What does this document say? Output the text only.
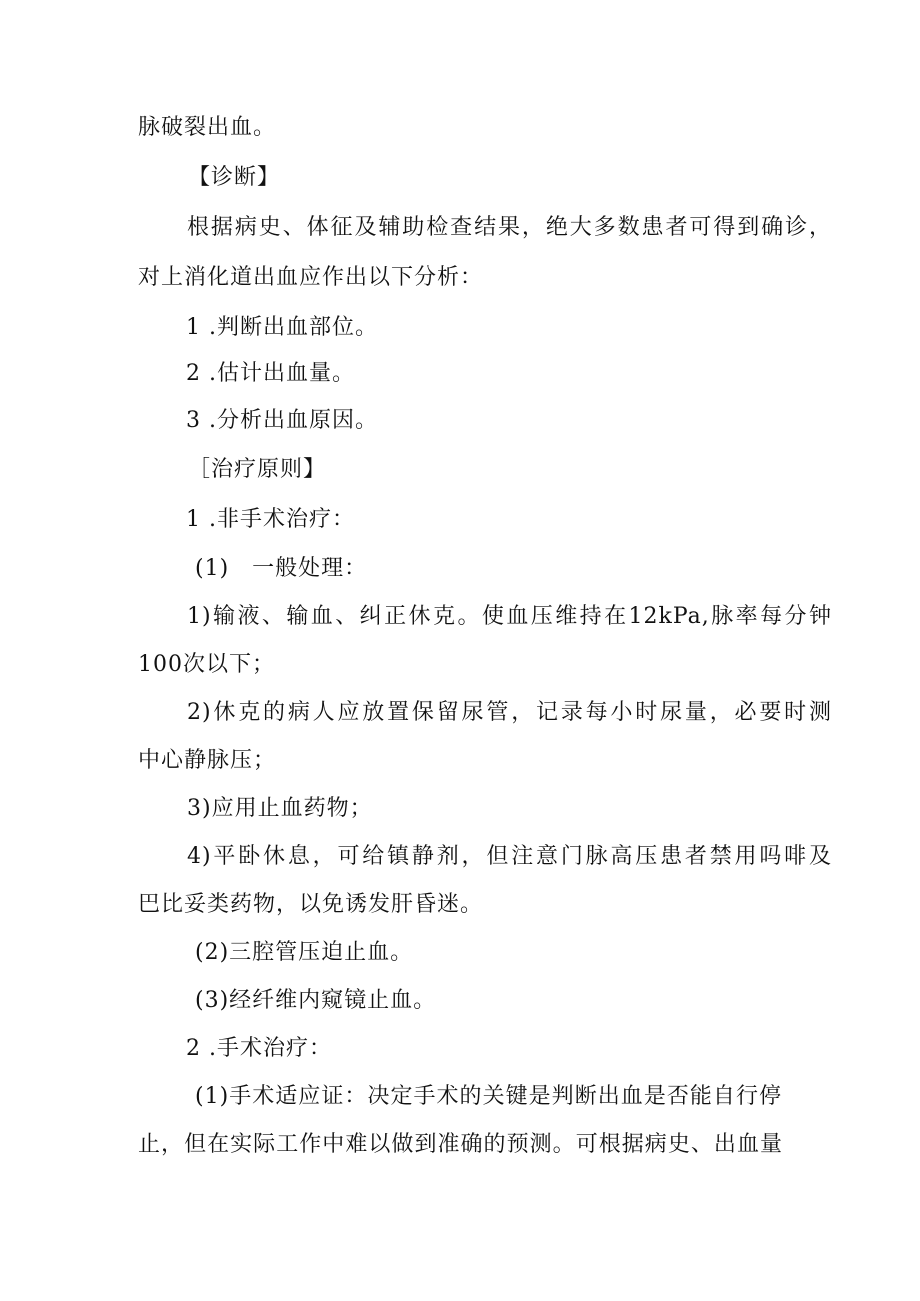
脉破裂出血。
【诊断】
根据病史、体征及辅助检查结果，绝大多数患者可得到确诊，
对上消化道出血应作出以下分析：
1 .判断出血部位。
2 .估计出血量。
3 .分析出血原因。
［治疗原则】
1 .非手术治疗：
(1)　一般处理：
1)输液、输血、纠正休克。使血压维持在12kPa,脉率每分钟
100次以下；
2)休克的病人应放置保留尿管，记录每小时尿量，必要时测
中心静脉压；
3)应用止血药物；
4)平卧休息，可给镇静剂，但注意门脉高压患者禁用吗啡及
巴比妥类药物，以免诱发肝昏迷。
(2)三腔管压迫止血。
(3)经纤维内窥镜止血。
2 .手术治疗：
(1)手术适应证：决定手术的关键是判断出血是否能自行停
止，但在实际工作中难以做到准确的预测。可根据病史、出血量
